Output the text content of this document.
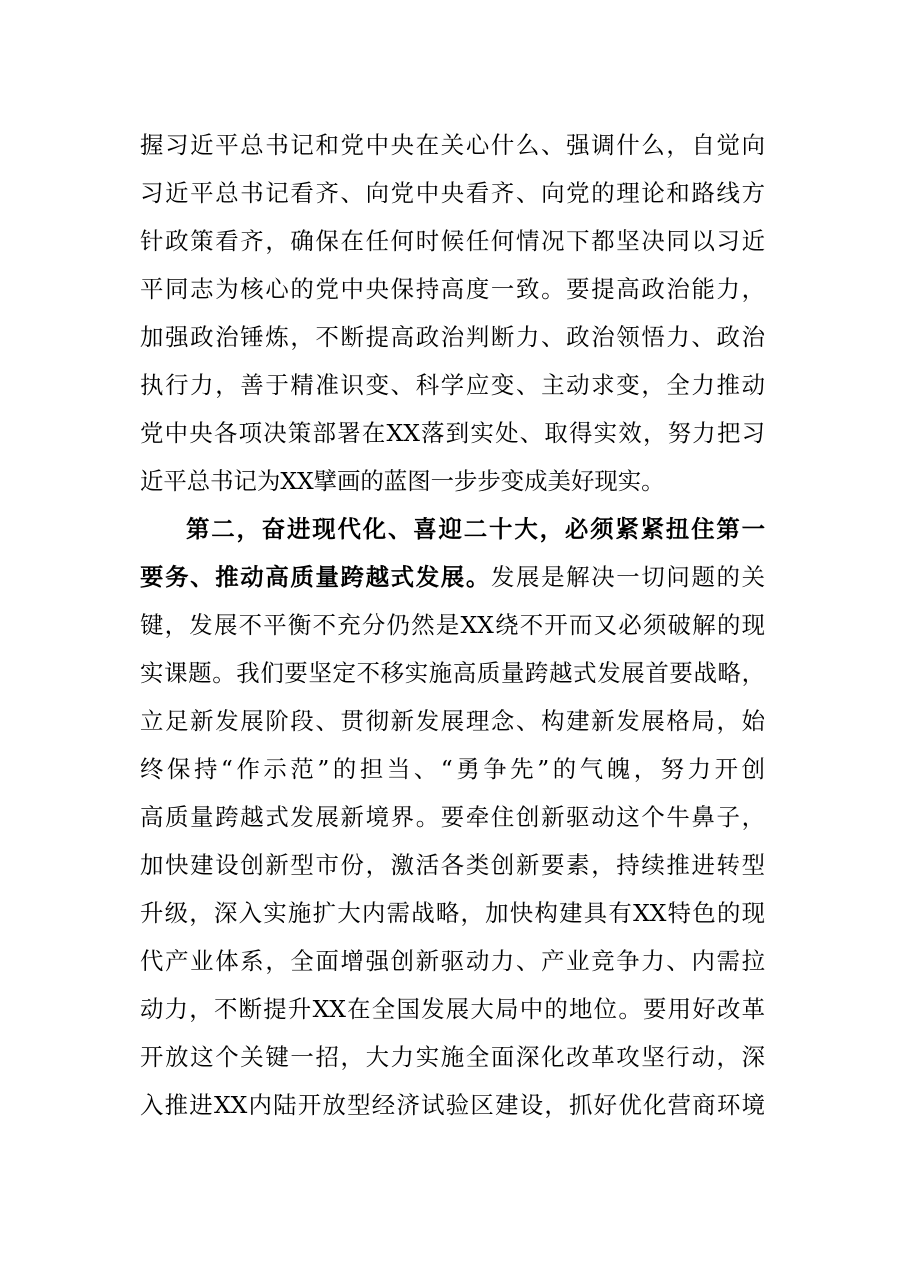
握习近平总书记和党中央在关心什么、强调什么，自觉向
习近平总书记看齐、向党中央看齐、向党的理论和路线方
针政策看齐，确保在任何时候任何情况下都坚决同以习近
平同志为核心的党中央保持高度一致。要提高政治能力，
加强政治锤炼，不断提高政治判断力、政治领悟力、政治
执行力，善于精准识变、科学应变、主动求变，全力推动
党中央各项决策部署在XX落到实处、取得实效，努力把习
近平总书记为XX擘画的蓝图一步步变成美好现实。
第二，奋进现代化、喜迎二十大，必须紧紧扭住第一
要务、推动高质量跨越式发展。发展是解决一切问题的关
键，发展不平衡不充分仍然是XX绕不开而又必须破解的现
实课题。我们要坚定不移实施高质量跨越式发展首要战略，
立足新发展阶段、贯彻新发展理念、构建新发展格局，始
终保持“作示范”的担当、“勇争先”的气魄，努力开创
高质量跨越式发展新境界。要牵住创新驱动这个牛鼻子，
加快建设创新型市份，激活各类创新要素，持续推进转型
升级，深入实施扩大内需战略，加快构建具有XX特色的现
代产业体系，全面增强创新驱动力、产业竞争力、内需拉
动力，不断提升XX在全国发展大局中的地位。要用好改革
开放这个关键一招，大力实施全面深化改革攻坚行动，深
入推进XX内陆开放型经济试验区建设，抓好优化营商环境
